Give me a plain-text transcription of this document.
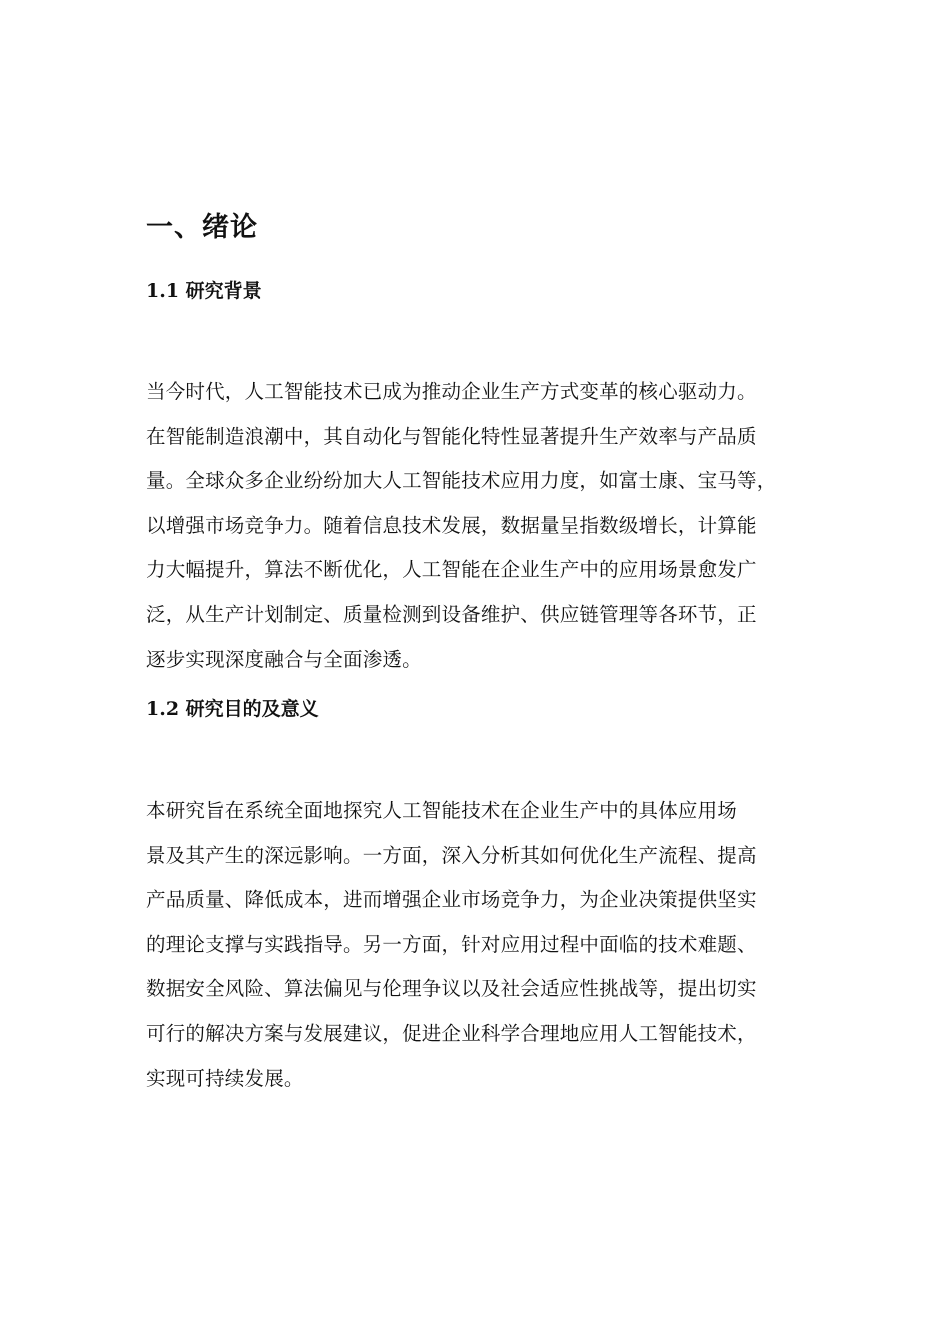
一、绪论
1.1 研究背景
当今时代，人工智能技术已成为推动企业生产方式变革的核心驱动力。
在智能制造浪潮中，其自动化与智能化特性显著提升生产效率与产品质
量。全球众多企业纷纷加大人工智能技术应用力度，如富士康、宝马等，
以增强市场竞争力。随着信息技术发展，数据量呈指数级增长，计算能
力大幅提升，算法不断优化，人工智能在企业生产中的应用场景愈发广
泛，从生产计划制定、质量检测到设备维护、供应链管理等各环节，正
逐步实现深度融合与全面渗透。
1.2 研究目的及意义
本研究旨在系统全面地探究人工智能技术在企业生产中的具体应用场
景及其产生的深远影响。一方面，深入分析其如何优化生产流程、提高
产品质量、降低成本，进而增强企业市场竞争力，为企业决策提供坚实
的理论支撑与实践指导。另一方面，针对应用过程中面临的技术难题、
数据安全风险、算法偏见与伦理争议以及社会适应性挑战等，提出切实
可行的解决方案与发展建议，促进企业科学合理地应用人工智能技术，
实现可持续发展。
